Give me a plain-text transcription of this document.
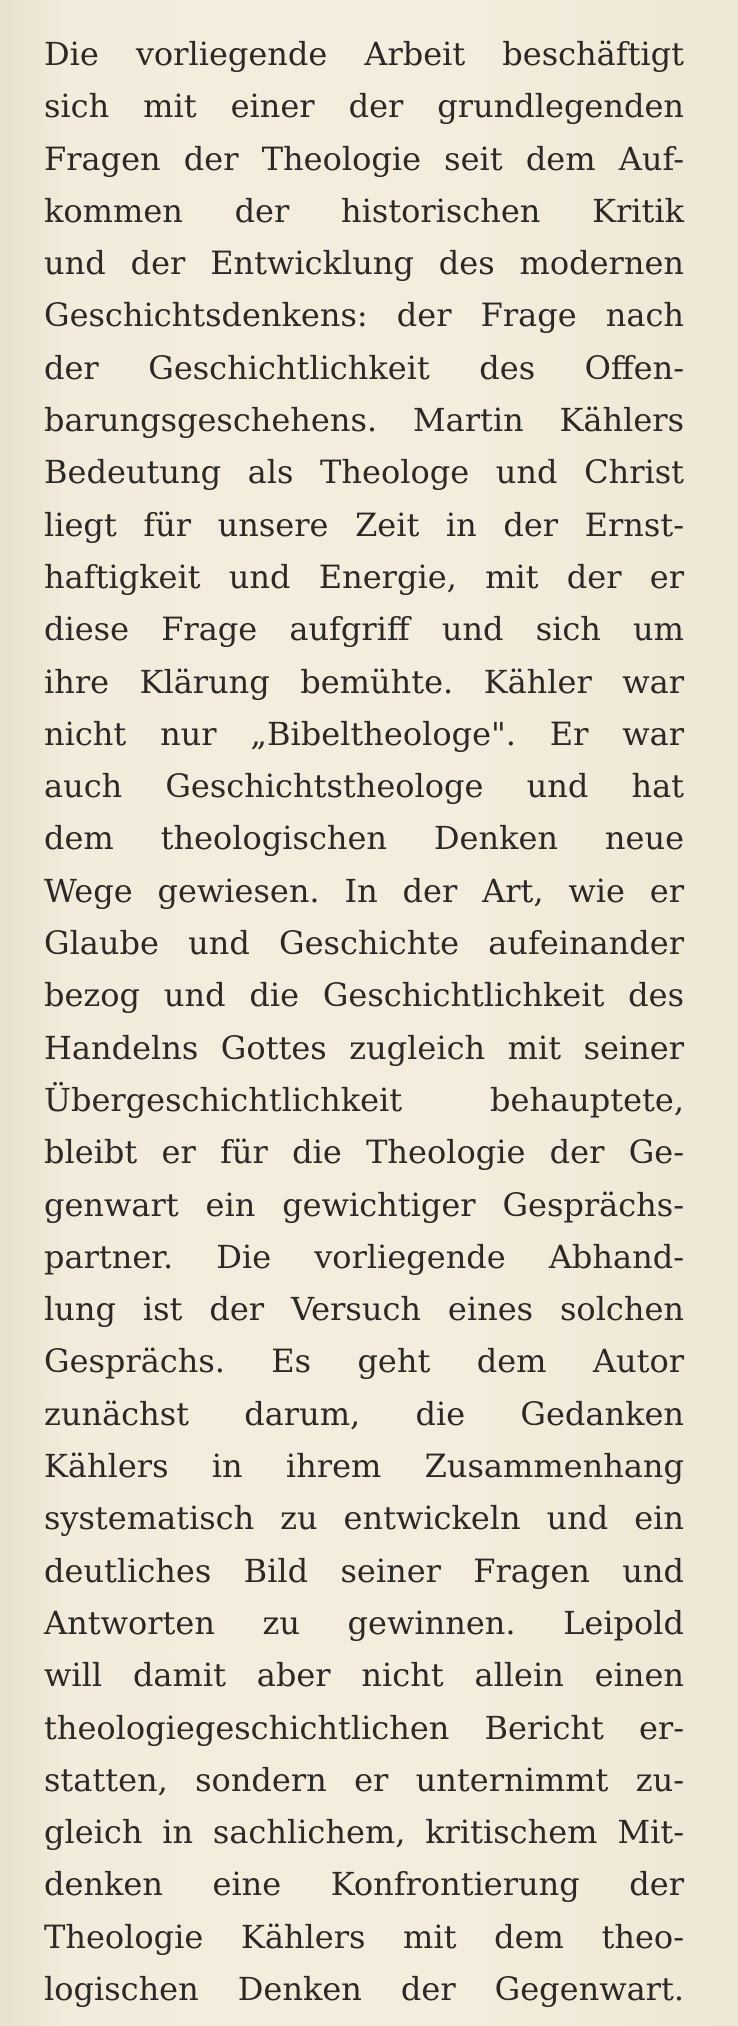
Die vorliegende Arbeit beschäftigt
sich mit einer der grundlegenden
Fragen der Theologie seit dem Auf-
kommen der historischen Kritik
und der Entwicklung des modernen
Geschichtsdenkens: der Frage nach
der Geschichtlichkeit des Offen-
barungsgeschehens. Martin Kählers
Bedeutung als Theologe und Christ
liegt für unsere Zeit in der Ernst-
haftigkeit und Energie, mit der er
diese Frage aufgriff und sich um
ihre Klärung bemühte. Kähler war
nicht nur „Bibeltheologe". Er war
auch Geschichtstheologe und hat
dem theologischen Denken neue
Wege gewiesen. In der Art, wie er
Glaube und Geschichte aufeinander
bezog und die Geschichtlichkeit des
Handelns Gottes zugleich mit seiner
Übergeschichtlichkeit behauptete,
bleibt er für die Theologie der Ge-
genwart ein gewichtiger Gesprächs-
partner. Die vorliegende Abhand-
lung ist der Versuch eines solchen
Gesprächs. Es geht dem Autor
zunächst darum, die Gedanken
Kählers in ihrem Zusammenhang
systematisch zu entwickeln und ein
deutliches Bild seiner Fragen und
Antworten zu gewinnen. Leipold
will damit aber nicht allein einen
theologiegeschichtlichen Bericht er-
statten, sondern er unternimmt zu-
gleich in sachlichem, kritischem Mit-
denken eine Konfrontierung der
Theologie Kählers mit dem theo-
logischen Denken der Gegenwart.
